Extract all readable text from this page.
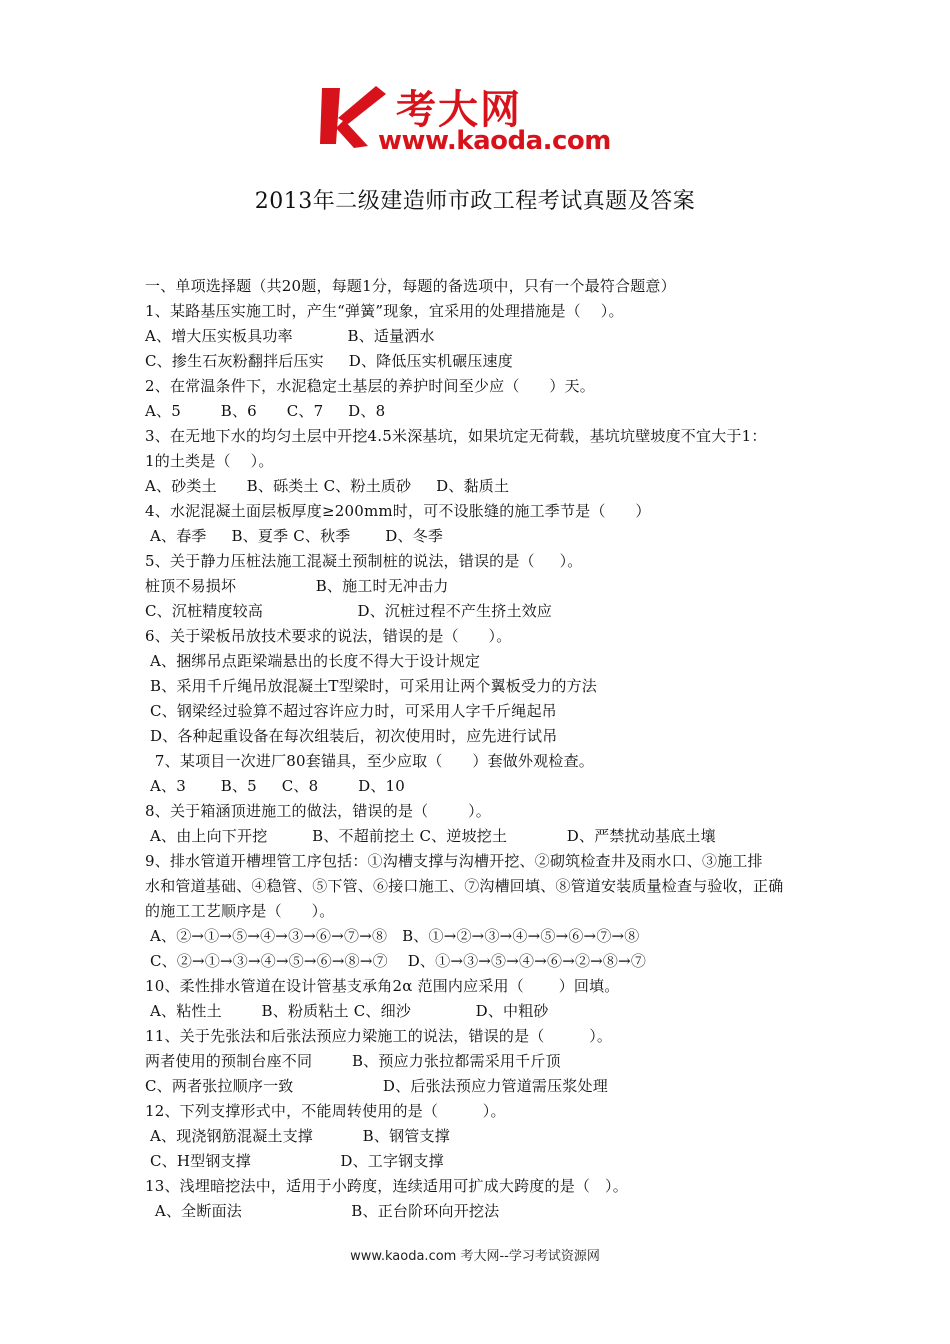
考大网
www.kaoda.com
2013年二级建造师市政工程考试真题及答案
一、单项选择题（共20题，每题1分，每题的备选项中，只有一个最符合题意）
1、某路基压实施工时，产生“弹簧”现象，宜采用的处理措施是（    ）。
A、增大压实板具功率           B、适量洒水
C、掺生石灰粉翻拌后压实     D、降低压实机碾压速度
2、在常温条件下，水泥稳定土基层的养护时间至少应（      ）天。
A、5        B、6      C、7     D、8
3、在无地下水的均匀土层中开挖4.5米深基坑，如果坑定无荷载，基坑坑壁坡度不宜大于1：
1的土类是（    ）。
A、砂类土      B、砾类土 C、粉土质砂     D、黏质土
4、水泥混凝土面层板厚度≥200mm时，可不设胀缝的施工季节是（      ）
A、春季     B、夏季 C、秋季       D、冬季
5、关于静力压桩法施工混凝土预制桩的说法，错误的是（     ）。
桩顶不易损坏                B、施工时无冲击力
C、沉桩精度较高                   D、沉桩过程不产生挤土效应
6、关于梁板吊放技术要求的说法，错误的是（      ）。
A、捆绑吊点距梁端悬出的长度不得大于设计规定
B、采用千斤绳吊放混凝土T型梁时，可采用让两个翼板受力的方法
C、钢梁经过验算不超过容许应力时，可采用人字千斤绳起吊
D、各种起重设备在每次组装后，初次使用时，应先进行试吊
7、某项目一次进厂80套锚具，至少应取（      ）套做外观检查。
A、3       B、5     C、8        D、10
8、关于箱涵顶进施工的做法，错误的是（        ）。
A、由上向下开挖         B、不超前挖土 C、逆坡挖土            D、严禁扰动基底土壤
9、排水管道开槽埋管工序包括：①沟槽支撑与沟槽开挖、②砌筑检查井及雨水口、③施工排
水和管道基础、④稳管、⑤下管、⑥接口施工、⑦沟槽回填、⑧管道安装质量检查与验收，正确
的施工工艺顺序是（      ）。
A、②→①→⑤→④→③→⑥→⑦→⑧   B、①→②→③→④→⑤→⑥→⑦→⑧
C、②→①→③→④→⑤→⑥→⑧→⑦    D、①→③→⑤→④→⑥→②→⑧→⑦
10、柔性排水管道在设计管基支承角2α 范围内应采用（       ）回填。
A、粘性土        B、粉质粘土 C、细沙             D、中粗砂
11、关于先张法和后张法预应力梁施工的说法，错误的是（         ）。
两者使用的预制台座不同        B、预应力张拉都需采用千斤顶
C、两者张拉顺序一致                  D、后张法预应力管道需压浆处理
12、下列支撑形式中，不能周转使用的是（         ）。
A、现浇钢筋混凝土支撑          B、钢管支撑
C、H型钢支撑                  D、工字钢支撑
13、浅埋暗挖法中，适用于小跨度，连续适用可扩成大跨度的是（   ）。
A、全断面法                      B、正台阶环向开挖法
www.kaoda.com 考大网--学习考试资源网
